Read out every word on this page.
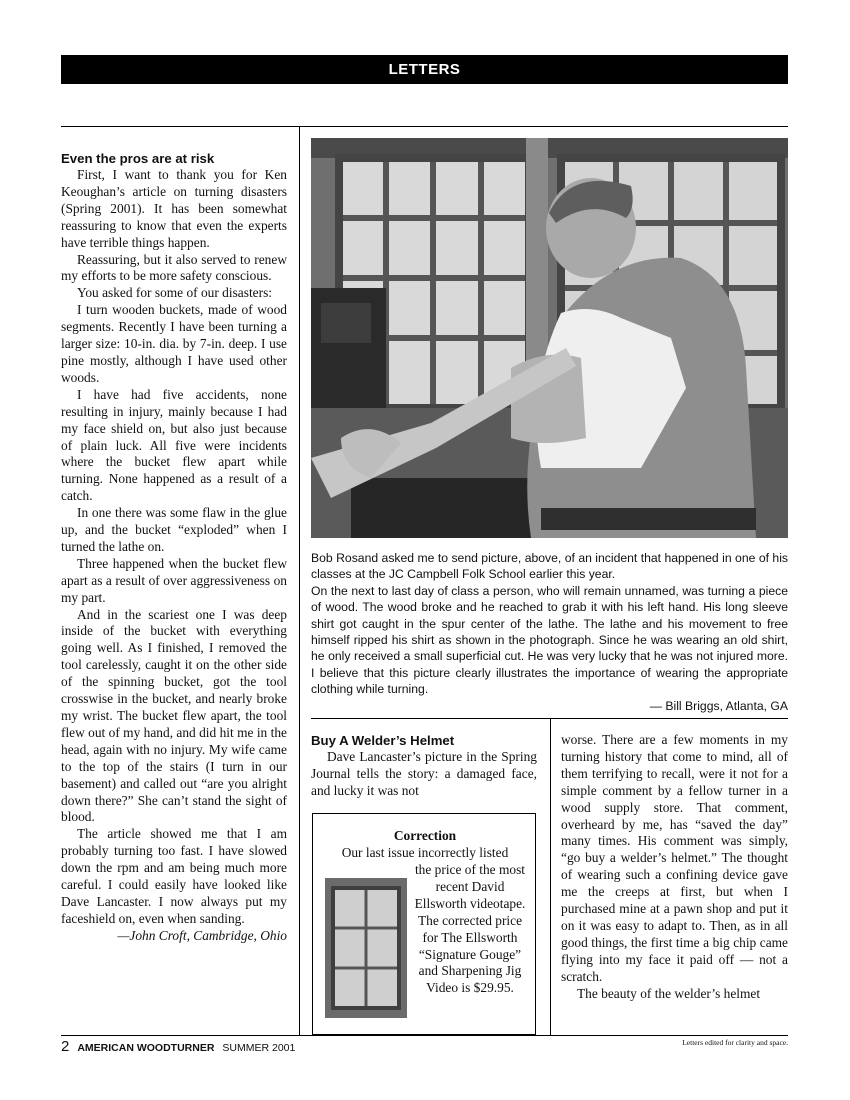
LETTERS
Even the pros are at risk

First, I want to thank you for Ken Keoughan’s article on turning disasters (Spring 2001). It has been somewhat reassuring to know that even the experts have terrible things happen.

Reassuring, but it also served to renew my efforts to be more safety conscious.

You asked for some of our disasters:

I turn wooden buckets, made of wood segments. Recently I have been turning a larger size: 10-in. dia. by 7-in. deep. I use pine mostly, although I have used other woods.

I have had five accidents, none resulting in injury, mainly because I had my face shield on, but also just because of plain luck. All five were incidents where the bucket flew apart while turning. None happened as a result of a catch.

In one there was some flaw in the glue up, and the bucket “exploded” when I turned the lathe on.

Three happened when the bucket flew apart as a result of over aggressiveness on my part.

And in the scariest one I was deep inside of the bucket with everything going well. As I finished, I removed the tool carelessly, caught it on the other side of the spinning bucket, got the tool crosswise in the bucket, and nearly broke my wrist. The bucket flew apart, the tool flew out of my hand, and did hit me in the head, again with no injury. My wife came to the top of the stairs (I turn in our basement) and called out “are you alright down there?” She can’t stand the sight of blood.

The article showed me that I am probably turning too fast. I have slowed down the rpm and am being much more careful. I could easily have looked like Dave Lancaster. I now always put my faceshield on, even when sanding.

—John Croft, Cambridge, Ohio

Bob Rosand asked me to send picture, above, of an incident that happened in one of his classes at the JC Campbell Folk School earlier this year.

On the next to last day of class a person, who will remain unnamed, was turning a piece of wood. The wood broke and he reached to grab it with his left hand. His long sleeve shirt got caught in the spur center of the lathe. The lathe and his movement to free himself ripped his shirt as shown in the photograph. Since he was wearing an old shirt, he only received a small superficial cut. He was very lucky that he was not injured more. I believe that this picture clearly illustrates the importance of wearing the appropriate clothing while turning.

— Bill Briggs, Atlanta, GA

Buy A Welder’s Helmet

Dave Lancaster’s picture in the Spring Journal tells the story: a damaged face, and lucky it was not

worse. There are a few moments in my turning history that come to mind, all of them terrifying to recall, were it not for a simple comment by a fellow turner in a wood supply store. That comment, overheard by me, has “saved the day” many times. His comment was simply, “go buy a welder’s helmet.” The thought of wearing such a confining device gave me the creeps at first, but when I purchased mine at a pawn shop and put it on it was easy to adapt to. Then, as in all good things, the first time a big chip came flying into my face it paid off — not a scratch.

The beauty of the welder’s helmet

Correction
Our last issue incorrectly listed
the price of the most recent David Ellsworth videotape. The corrected price for The Ellsworth “Signature Gouge” and Sharpening Jig Video is $29.95.
2 AMERICAN WOODTURNER SUMMER 2001	Letters edited for clarity and space.
